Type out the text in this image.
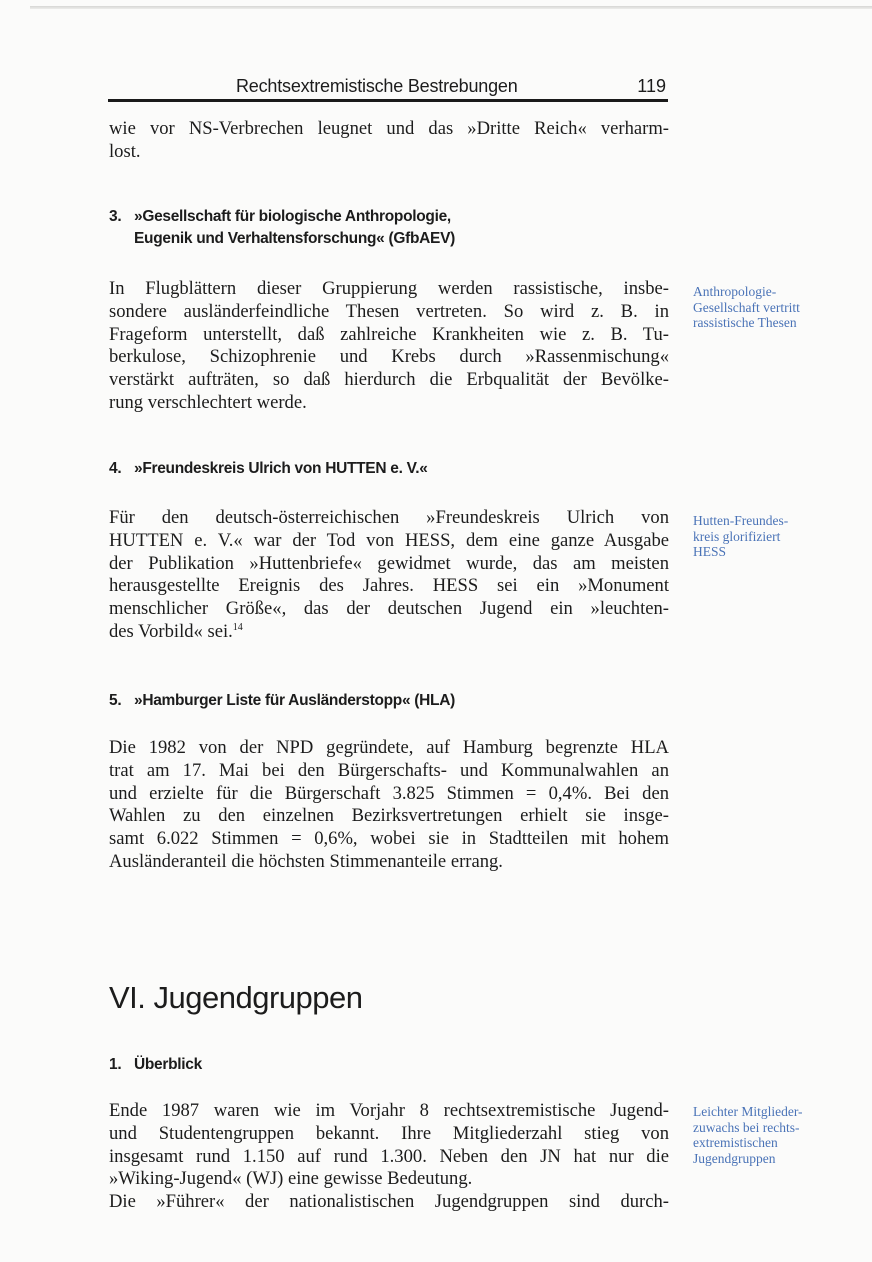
Rechtsextremistische Bestrebungen	119

wie vor NS-Verbrechen leugnet und das »Dritte Reich« verharm-

lost.

3. »Gesellschaft für biologische Anthropologie,
Eugenik und Verhaltensforschung« (GfbAEV)

In Flugblättern dieser Gruppierung werden rassistische, insbe-

sondere ausländerfeindliche Thesen vertreten. So wird z. B. in

Frageform unterstellt, daß zahlreiche Krankheiten wie z. B. Tu-

berkulose, Schizophrenie und Krebs durch »Rassenmischung«

verstärkt aufträten, so daß hierdurch die Erbqualität der Bevölke-

rung verschlechtert werde.

Anthropologie-
Gesellschaft vertritt
rassistische Thesen
4. »Freundeskreis Ulrich von HUTTEN e. V.«

Für den deutsch-österreichischen »Freundeskreis Ulrich von

HUTTEN e. V.« war der Tod von HESS, dem eine ganze Ausgabe

der Publikation »Huttenbriefe« gewidmet wurde, das am meisten

herausgestellte Ereignis des Jahres. HESS sei ein »Monument

menschlicher Größe«, das der deutschen Jugend ein »leuchten-

des Vorbild« sei.$^{14}$

Hutten-Freundes-
kreis glorifiziert
HESS
5. »Hamburger Liste für Ausländerstopp« (HLA)

Die 1982 von der NPD gegründete, auf Hamburg begrenzte HLA

trat am 17. Mai bei den Bürgerschafts- und Kommunalwahlen an

und erzielte für die Bürgerschaft 3.825 Stimmen = 0,4%. Bei den

Wahlen zu den einzelnen Bezirksvertretungen erhielt sie insge-

samt 6.022 Stimmen = 0,6%, wobei sie in Stadtteilen mit hohem

Ausländeranteil die höchsten Stimmenanteile errang.

VI. Jugendgruppen
1. Überblick

Ende 1987 waren wie im Vorjahr 8 rechtsextremistische Jugend-

und Studentengruppen bekannt. Ihre Mitgliederzahl stieg von

insgesamt rund 1.150 auf rund 1.300. Neben den JN hat nur die

»Wiking-Jugend« (WJ) eine gewisse Bedeutung.

Die »Führer« der nationalistischen Jugendgruppen sind durch-

Leichter Mitglieder-
zuwachs bei rechts-
extremistischen
Jugendgruppen
